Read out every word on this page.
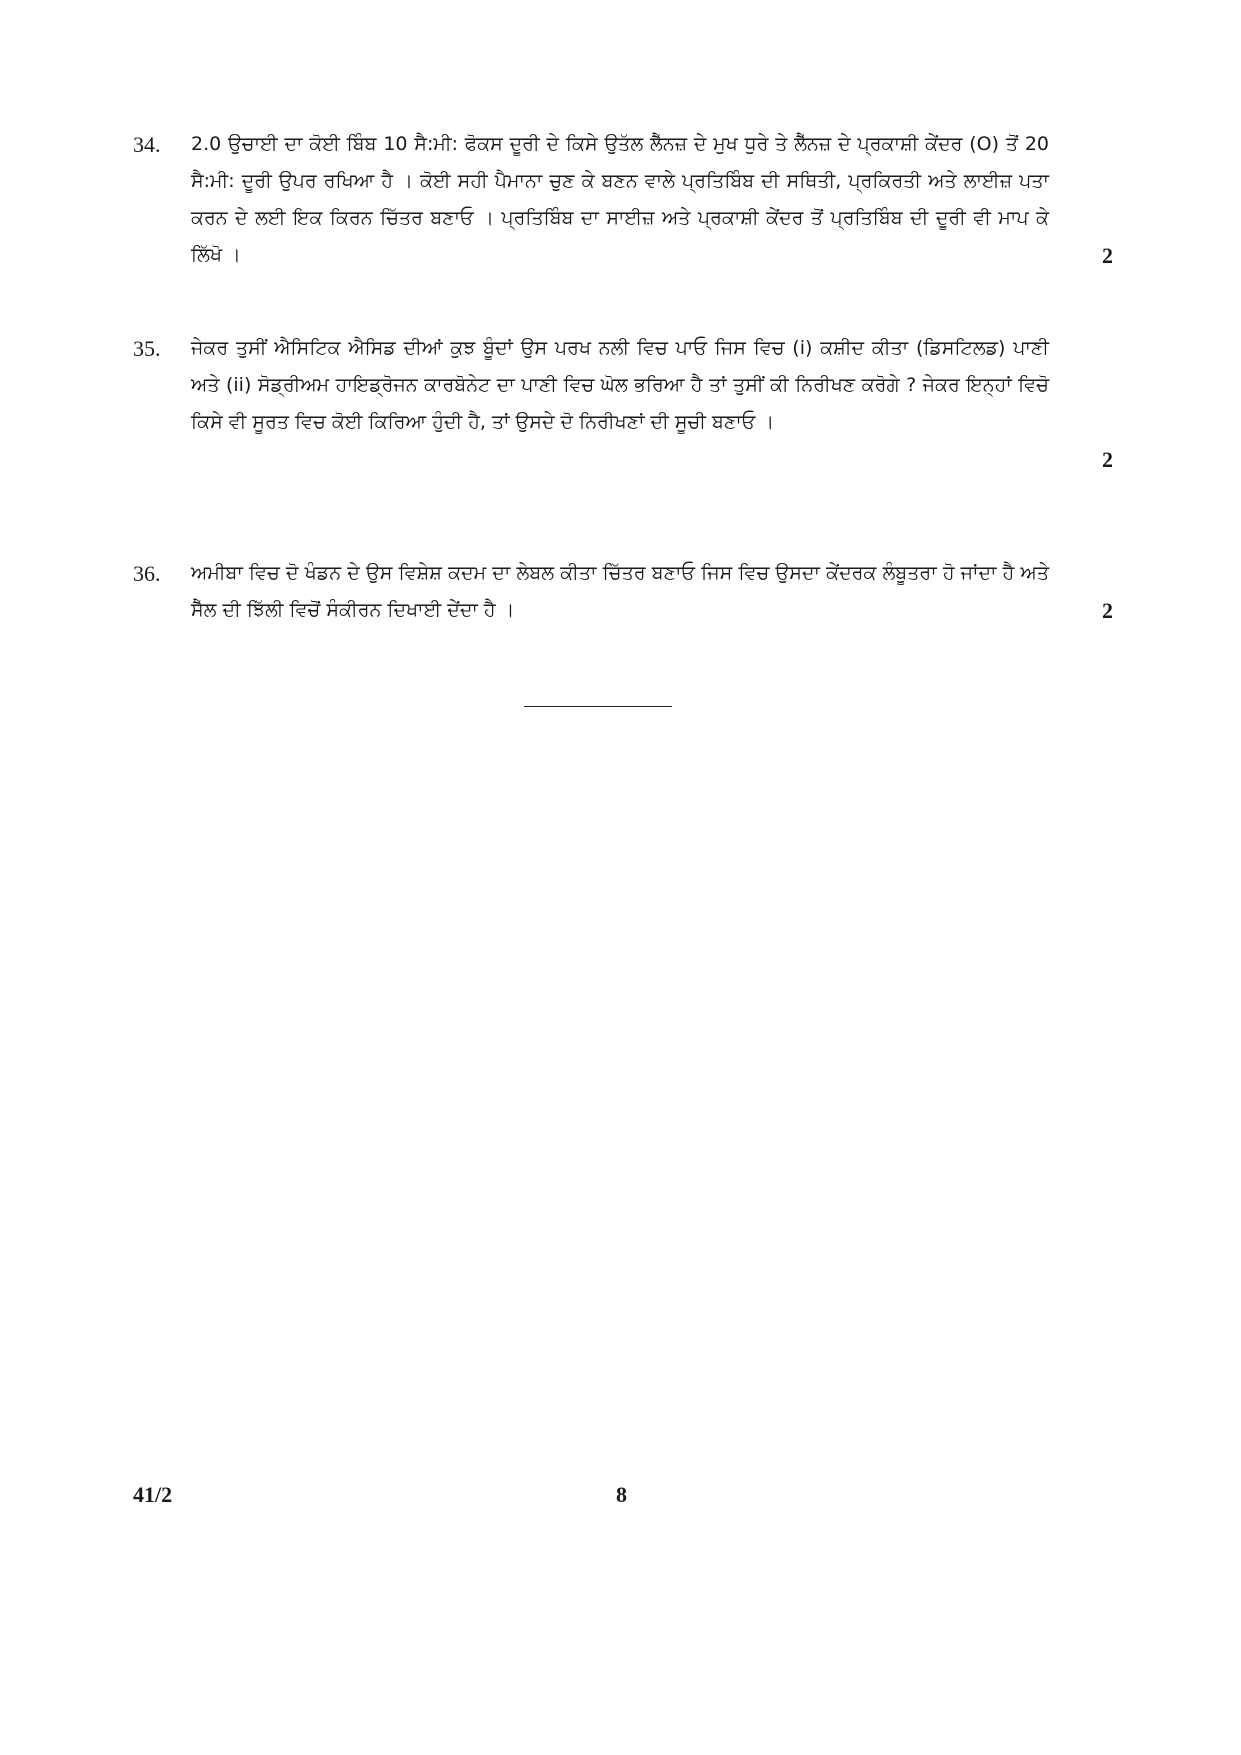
34. 2.0 ਉਚਾਈ ਦਾ ਕੋਈ ਬਿੰਬ 10 ਸੈ:ਮੀ: ਫੋਕਸ ਦੂਰੀ ਦੇ ਕਿਸੇ ਉਤੱਲ ਲੈੱਨਜ਼ ਦੇ ਮੁਖ ਧੁਰੇ ਤੇ ਲੈੱਨਜ਼ ਦੇ ਪ੍ਰਕਾਸ਼ੀ ਕੇਂਦਰ (O) ਤੋਂ 20 ਸੈ:ਮੀ: ਦੂਰੀ ਉਪਰ ਰਖਿਆ ਹੈ । ਕੋਈ ਸਹੀ ਪੈਮਾਨਾ ਚੁਣ ਕੇ ਬਣਨ ਵਾਲੇ ਪ੍ਰਤਿਬਿੰਬ ਦੀ ਸਥਿਤੀ, ਪ੍ਰਕਿਰਤੀ ਅਤੇ ਲਾਈਜ਼ ਪਤਾ ਕਰਨ ਦੇ ਲਈ ਇਕ ਕਿਰਨ ਚਿੱਤਰ ਬਣਾਓ । ਪ੍ਰਤਿਬਿੰਬ ਦਾ ਸਾਈਜ਼ ਅਤੇ ਪ੍ਰਕਾਸ਼ੀ ਕੇਂਦਰ ਤੋਂ ਪ੍ਰਤਿਬਿੰਬ ਦੀ ਦੂਰੀ ਵੀ ਮਾਪ ਕੇ ਲਿੱਖੋ ।	2
35. ਜੇਕਰ ਤੁਸੀਂ ਐਸਿਟਿਕ ਐਸਿਡ ਦੀਆਂ ਕੁਝ ਬੂੰਦਾਂ ਉਸ ਪਰਖ ਨਲੀ ਵਿਚ ਪਾਓ ਜਿਸ ਵਿਚ (i) ਕਸ਼ੀਦ ਕੀਤਾ (ਡਿਸਟਿਲਡ) ਪਾਣੀ ਅਤੇ (ii) ਸੋਡ੍ਰੀਅਮ ਹਾਇਡ੍ਰੋਜਨ ਕਾਰਬੋਨੇਟ ਦਾ ਪਾਣੀ ਵਿਚ ਘੋਲ ਭਰਿਆ ਹੈ ਤਾਂ ਤੁਸੀਂ ਕੀ ਨਿਰੀਖਣ ਕਰੋਗੇ ? ਜੇਕਰ ਇਨ੍ਹਾਂ ਵਿਚੋ ਕਿਸੇ ਵੀ ਸੂਰਤ ਵਿਚ ਕੋਈ ਕਿਰਿਆ ਹੁੰਦੀ ਹੈ, ਤਾਂ ਉਸਦੇ ਦੋ ਨਿਰੀਖਣਾਂ ਦੀ ਸੂਚੀ ਬਣਾਓ ।
2
36. ਅਮੀਬਾ ਵਿਚ ਦੋ ਖੰਡਨ ਦੇ ਉਸ ਵਿਸ਼ੇਸ਼ ਕਦਮ ਦਾ ਲੇਬਲ ਕੀਤਾ ਚਿੱਤਰ ਬਣਾਓ ਜਿਸ ਵਿਚ ਉਸਦਾ ਕੇਂਦਰਕ ਲੰਬੂਤਰਾ ਹੋ ਜਾਂਦਾ ਹੈ ਅਤੇ ਸੈੱਲ ਦੀ ਝਿੱਲੀ ਵਿਚੋਂ ਸੰਕੀਰਨ ਦਿਖਾਈ ਦੇਂਦਾ ਹੈ ।	2
41/2	8
